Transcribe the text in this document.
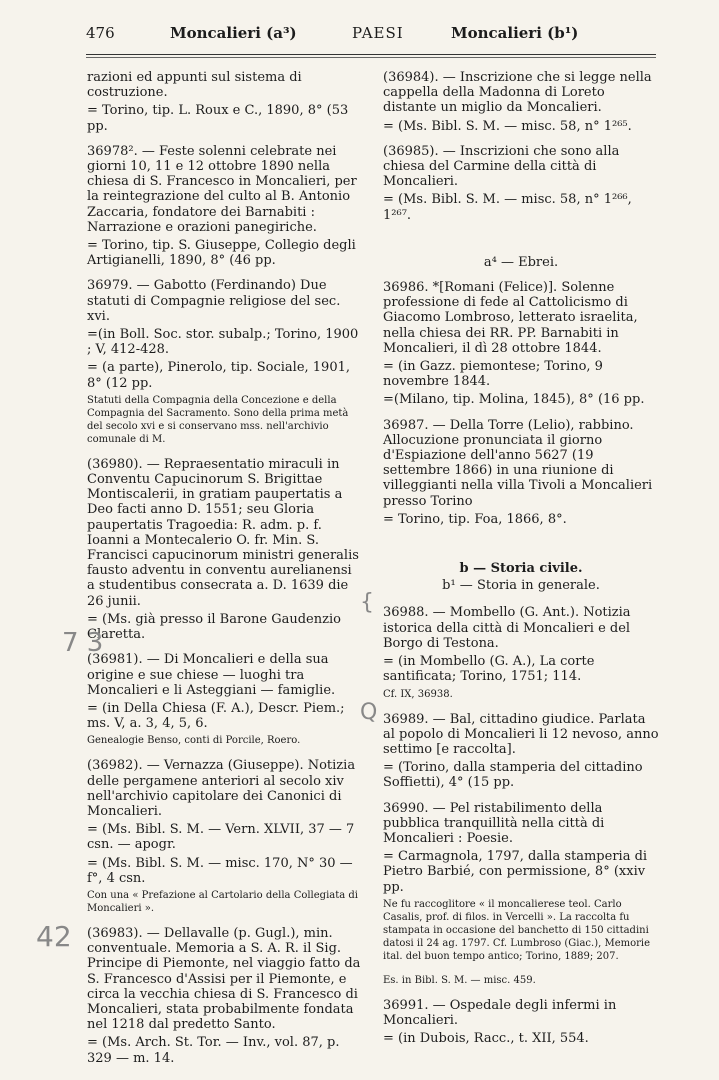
476	Moncalieri (a³)	PAESI	Moncalieri (b¹)

razioni ed appunti sul sistema di costruzione.

= Torino, tip. L. Roux e C., 1890, 8° (53 pp.

36978². — Feste solenni celebrate nei giorni 10, 11 e 12 ottobre 1890 nella chiesa di S. Francesco in Moncalieri, per la reintegrazione del culto al B. Antonio Zaccaria, fondatore dei Barnabiti : Narrazione e orazioni panegiriche.

= Torino, tip. S. Giuseppe, Collegio degli Artigianelli, 1890, 8° (46 pp.

36979. — Gabotto (Ferdinando) Due statuti di Compagnie religiose del sec. xvi.

=(in Boll. Soc. stor. subalp.; Torino, 1900 ; V, 412-428.

= (a parte), Pinerolo, tip. Sociale, 1901, 8° (12 pp.

Statuti della Compagnia della Concezione e della Compagnia del Sacramento. Sono della prima metà del secolo xvi e si conservano mss. nell'archivio comunale di M.

(36980). — Repraesentatio miraculi in Conventu Capucinorum S. Brigittae Montiscalerii, in gratiam paupertatis a Deo facti anno D. 1551; seu Gloria paupertatis Tragoedia: R. adm. p. f. Ioanni a Montecalerio O. fr. Min. S. Francisci capucinorum ministri generalis fausto adventu in conventu aurelianensi a studentibus consecrata a. D. 1639 die 26 junii.

= (Ms. già presso il Barone Gaudenzio Claretta.

(36981). — Di Moncalieri e della sua origine e sue chiese — luoghi tra Moncalieri e li Asteggiani — famiglie.

= (in Della Chiesa (F. A.), Descr. Piem.; ms. V, a. 3, 4, 5, 6.

Genealogie Benso, conti di Porcile, Roero.

(36982). — Vernazza (Giuseppe). Notizia delle pergamene anteriori al secolo xiv nell'archivio capitolare dei Canonici di Moncalieri.

= (Ms. Bibl. S. M. — Vern. XLVII, 37 — 7 csn. — apogr.

= (Ms. Bibl. S. M. — misc. 170, N° 30 — f°, 4 csn.

Con una « Prefazione al Cartolario della Collegiata di Moncalieri ».

(36983). — Dellavalle (p. Gugl.), min. conventuale. Memoria a S. A. R. il Sig. Principe di Piemonte, nel viaggio fatto da S. Francesco d'Assisi per il Piemonte, e circa la vecchia chiesa di S. Francesco di Moncalieri, stata probabilmente fondata nel 1218 dal predetto Santo.

= (Ms. Arch. St. Tor. — Inv., vol. 87, p. 329 — m. 14.

(36984). — Inscrizione che si legge nella cappella della Madonna di Loreto distante un miglio da Moncalieri.

= (Ms. Bibl. S. M. — misc. 58, n° 1²⁶⁵.

(36985). — Inscrizioni che sono alla chiesa del Carmine della città di Moncalieri.

= (Ms. Bibl. S. M. — misc. 58, n° 1²⁶⁶, 1²⁶⁷.

a⁴ — Ebrei.

36986. *[Romani (Felice)]. Solenne professione di fede al Cattolicismo di Giacomo Lombroso, letterato israelita, nella chiesa dei RR. PP. Barnabiti in Moncalieri, il dì 28 ottobre 1844.

= (in Gazz. piemontese; Torino, 9 novembre 1844.

=(Milano, tip. Molina, 1845), 8° (16 pp.

36987. — Della Torre (Lelio), rabbino. Allocuzione pronunciata il giorno d'Espiazione dell'anno 5627 (19 settembre 1866) in una riunione di villeggianti nella villa Tivoli a Moncalieri presso Torino

= Torino, tip. Foa, 1866, 8°.

b — Storia civile.

b¹ — Storia in generale.

36988. — Mombello (G. Ant.). Notizia istorica della città di Moncalieri e del Borgo di Testona.

= (in Mombello (G. A.), La corte santificata; Torino, 1751; 114.

Cf. IX, 36938.

36989. — Bal, cittadino giudice. Parlata al popolo di Moncalieri li 12 nevoso, anno settimo [e raccolta].

= (Torino, dalla stamperia del cittadino Soffietti), 4° (15 pp.

36990. — Pel ristabilimento della pubblica tranquillità nella città di Moncalieri : Poesie.

= Carmagnola, 1797, dalla stamperia di Pietro Barbié, con permissione, 8° (xxiv pp.

Ne fu raccoglitore « il moncalierese teol. Carlo Casalis, prof. di filos. in Vercelli ». La raccolta fu stampata in occasione del banchetto di 150 cittadini datosi il 24 ag. 1797. Cf. Lumbroso (Giac.), Memorie ital. del buon tempo antico; Torino, 1889; 207.

Es. in Bibl. S. M. — misc. 459.

36991. — Ospedale degli infermi in Moncalieri.

= (in Dubois, Racc., t. XII, 554.

7 3
42
{
Q
